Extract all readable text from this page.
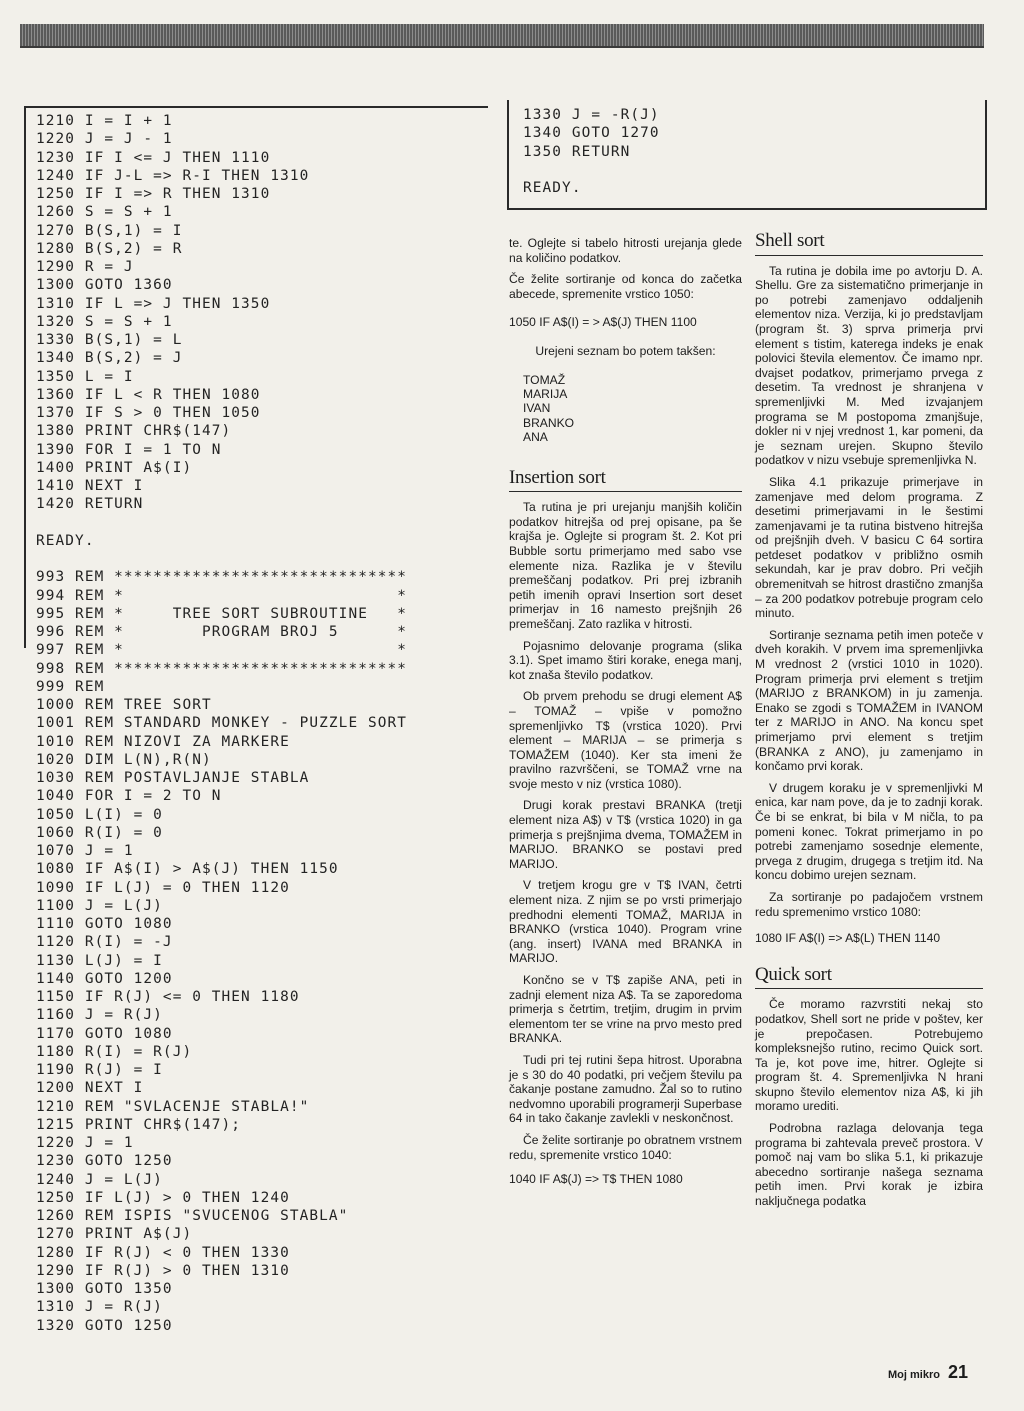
1210 I = I + 1
1220 J = J - 1
1230 IF I <= J THEN 1110
1240 IF J-L => R-I THEN 1310
1250 IF I => R THEN 1310
1260 S = S + 1
1270 B(S,1) = I
1280 B(S,2) = R
1290 R = J
1300 GOTO 1360
1310 IF L => J THEN 1350
1320 S = S + 1
1330 B(S,1) = L
1340 B(S,2) = J
1350 L = I
1360 IF L < R THEN 1080
1370 IF S > 0 THEN 1050
1380 PRINT CHR$(147)
1390 FOR I = 1 TO N
1400 PRINT A$(I)
1410 NEXT I
1420 RETURN
READY.
993 REM ******************************
994 REM *                            *
995 REM *     TREE SORT SUBROUTINE   *
996 REM *        PROGRAM BROJ 5      *
997 REM *                            *
998 REM ******************************
999 REM
1000 REM TREE SORT
1001 REM STANDARD MONKEY - PUZZLE SORT
1010 REM NIZOVI ZA MARKERE
1020 DIM L(N),R(N)
1030 REM POSTAVLJANJE STABLA
1040 FOR I = 2 TO N
1050 L(I) = 0
1060 R(I) = 0
1070 J = 1
1080 IF A$(I) > A$(J) THEN 1150
1090 IF L(J) = 0 THEN 1120
1100 J = L(J)
1110 GOTO 1080
1120 R(I) = -J
1130 L(J) = I
1140 GOTO 1200
1150 IF R(J) <= 0 THEN 1180
1160 J = R(J)
1170 GOTO 1080
1180 R(I) = R(J)
1190 R(J) = I
1200 NEXT I
1210 REM "SVLACENJE STABLA!"
1215 PRINT CHR$(147);
1220 J = 1
1230 GOTO 1250
1240 J = L(J)
1250 IF L(J) > 0 THEN 1240
1260 REM ISPIS "SVUCENOG STABLA"
1270 PRINT A$(J)
1280 IF R(J) < 0 THEN 1330
1290 IF R(J) > 0 THEN 1310
1300 GOTO 1350
1310 J = R(J)
1320 GOTO 1250
1330 J = -R(J)
1340 GOTO 1270
1350 RETURN
READY.

te. Oglejte si tabelo hitrosti urejanja glede na količino podatkov.

Če želite sortiranje od konca do začetka abecede, spremenite vrstico 1050:

1050 IF A$(I) = > A$(J) THEN 1100

Urejeni seznam bo potem takšen:

TOMAŽ
MARIJA
IVAN
BRANKO
ANA
Insertion sort

Ta rutina je pri urejanju manjših količin podatkov hitrejša od prej opisane, pa še krajša je. Oglejte si program št. 2. Kot pri Bubble sortu primerjamo med sabo vse elemente niza. Razlika je v številu premeščanj podatkov. Pri prej izbranih petih imenih opravi Insertion sort deset primerjav in 16 namesto prejšnjih 26 premeščanj. Zato razlika v hitrosti.

Pojasnimo delovanje programa (slika 3.1). Spet imamo štiri korake, enega manj, kot znaša število podatkov.

Ob prvem prehodu se drugi element A$ – TOMAŽ – vpiše v pomožno spremenljivko T$ (vrstica 1020). Prvi element – MARIJA – se primerja s TOMAŽEM (1040). Ker sta imeni že pravilno razvrščeni, se TOMAŽ vrne na svoje mesto v niz (vrstica 1080).

Drugi korak prestavi BRANKA (tretji element niza A$) v T$ (vrstica 1020) in ga primerja s prejšnjima dvema, TOMAŽEM in MARIJO. BRANKO se postavi pred MARIJO.

V tretjem krogu gre v T$ IVAN, četrti element niza. Z njim se po vrsti primerjajo predhodni elementi TOMAŽ, MARIJA in BRANKO (vrstica 1040). Program vrine (ang. insert) IVANA med BRANKA in MARIJO.

Končno se v T$ zapiše ANA, peti in zadnji element niza A$. Ta se zaporedoma primerja s četrtim, tretjim, drugim in prvim elementom ter se vrine na prvo mesto pred BRANKA.

Tudi pri tej rutini šepa hitrost. Uporabna je s 30 do 40 podatki, pri večjem številu pa čakanje postane zamudno. Žal so to rutino nedvomno uporabili programerji Superbase 64 in tako čakanje zavlekli v neskončnost.

Če želite sortiranje po obratnem vrstnem redu, spremenite vrstico 1040:

1040 IF A$(J) => T$ THEN 1080

Shell sort

Ta rutina je dobila ime po avtorju D. A. Shellu. Gre za sistematično primerjanje in po potrebi zamenjavo oddaljenih elementov niza. Verzija, ki jo predstavljam (program št. 3) sprva primerja prvi element s tistim, katerega indeks je enak polovici števila elementov. Če imamo npr. dvajset podatkov, primerjamo prvega z desetim. Ta vrednost je shranjena v spremenljivki M. Med izvajanjem programa se M postopoma zmanjšuje, dokler ni v njej vrednost 1, kar pomeni, da je seznam urejen. Skupno število podatkov v nizu vsebuje spremenljivka N.

Slika 4.1 prikazuje primerjave in zamenjave med delom programa. Z desetimi primerjavami in le šestimi zamenjavami je ta rutina bistveno hitrejša od prejšnjih dveh. V basicu C 64 sortira petdeset podatkov v približno osmih sekundah, kar je prav dobro. Pri večjih obremenitvah se hitrost drastično zmanjša – za 200 podatkov potrebuje program celo minuto.

Sortiranje seznama petih imen poteče v dveh korakih. V prvem ima spremenljivka M vrednost 2 (vrstici 1010 in 1020). Program primerja prvi element s tretjim (MARIJO z BRANKOM) in ju zamenja. Enako se zgodi s TOMAŽEM in IVANOM ter z MARIJO in ANO. Na koncu spet primerjamo prvi element s tretjim (BRANKA z ANO), ju zamenjamo in končamo prvi korak.

V drugem koraku je v spremenljivki M enica, kar nam pove, da je to zadnji korak. Če bi se enkrat, bi bila v M ničla, to pa pomeni konec. Tokrat primerjamo in po potrebi zamenjamo sosednje elemente, prvega z drugim, drugega s tretjim itd. Na koncu dobimo urejen seznam.

Za sortiranje po padajočem vrstnem redu spremenimo vrstico 1080:

1080 IF A$(I) => A$(L) THEN 1140

Quick sort

Če moramo razvrstiti nekaj sto podatkov, Shell sort ne pride v poštev, ker je prepočasen. Potrebujemo kompleksnejšo rutino, recimo Quick sort. Ta je, kot pove ime, hitrer. Oglejte si program št. 4. Spremenljivka N hrani skupno število elementov niza A$, ki jih moramo urediti.

Podrobna razlaga delovanja tega programa bi zahtevala preveč prostora. V pomoč naj vam bo slika 5.1, ki prikazuje abecedno sortiranje našega seznama petih imen. Prvi korak je izbira naključnega podatka

Moj mikro 21
